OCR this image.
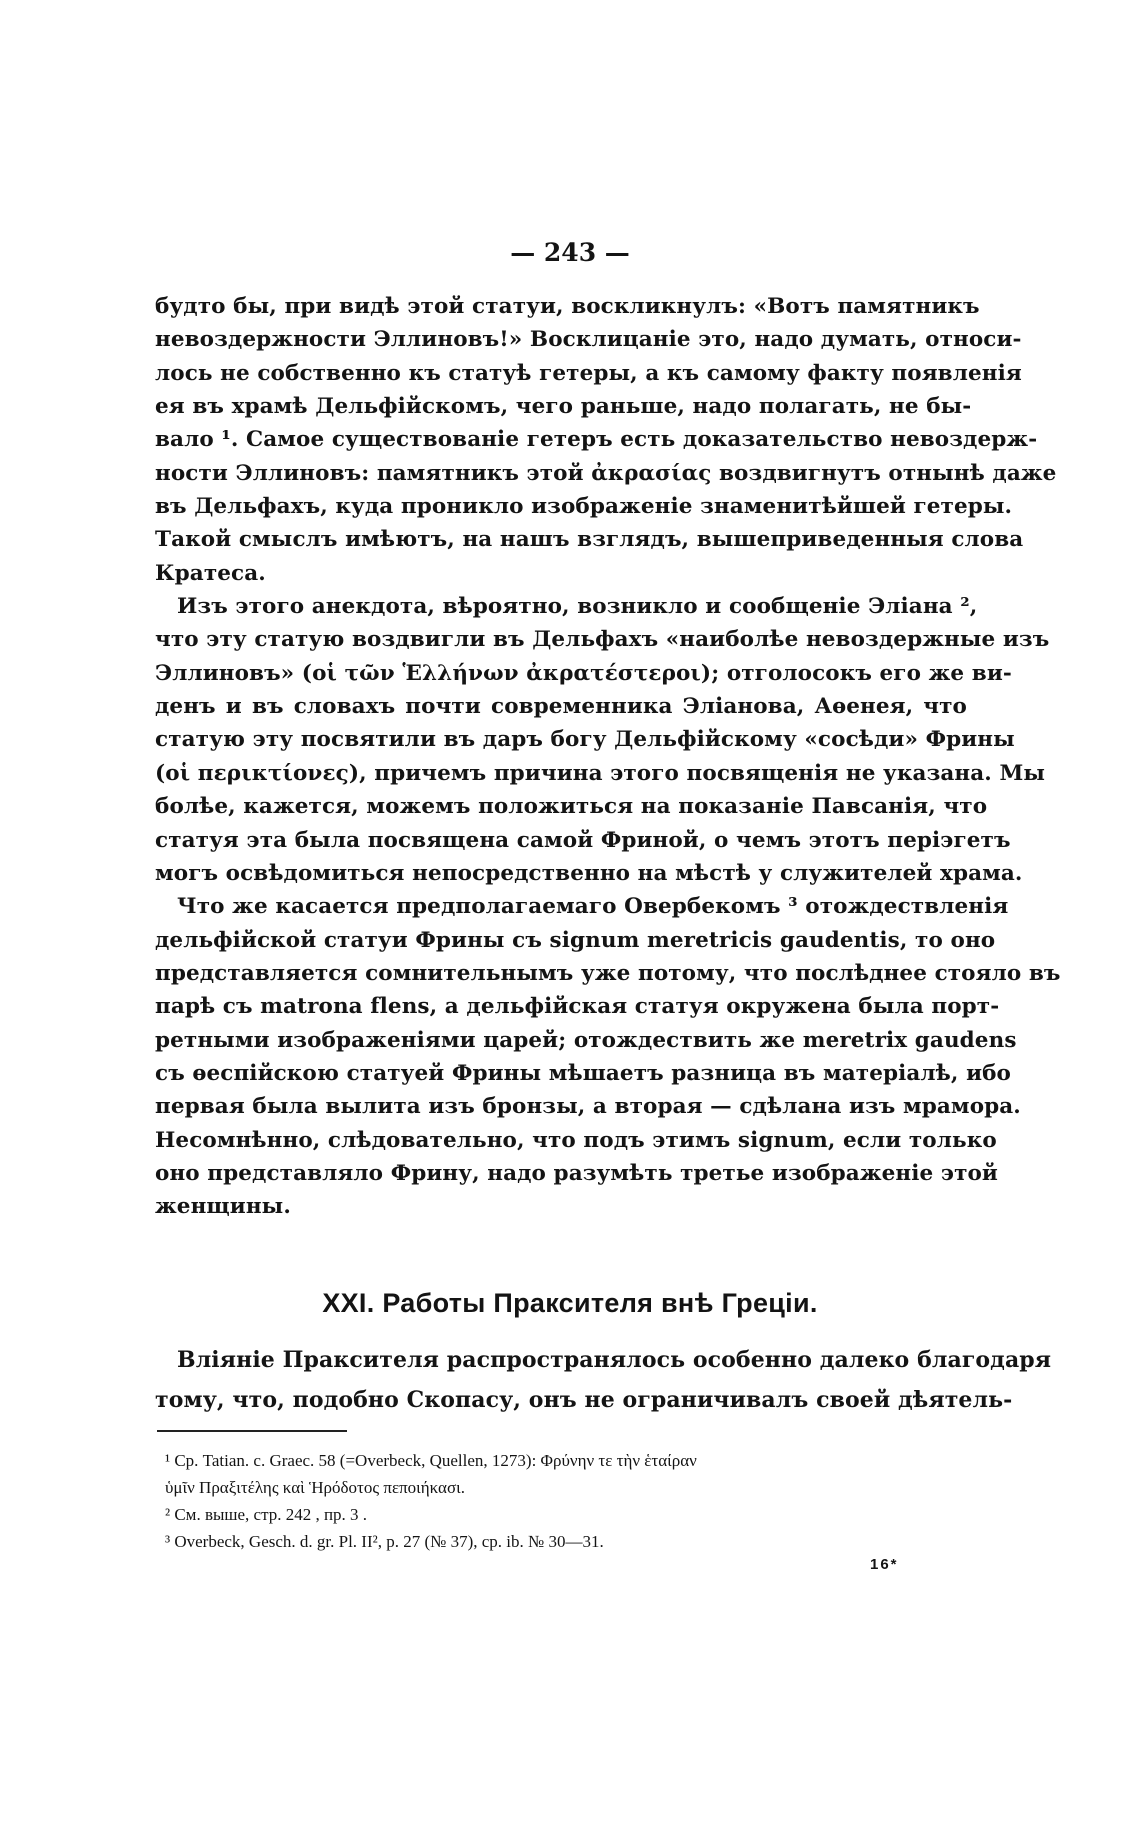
— 243 —
будто бы, при видѣ этой статуи, воскликнулъ: «Вотъ памятникъ
невоздержности Эллиновъ!» Восклицаніе это, надо думать, относи-
лось не собственно къ статуѣ гетеры, а къ самому факту появленія
ея въ храмѣ Дельфійскомъ, чего раньше, надо полагать, не бы-
вало ¹. Самое существованіе гетеръ есть доказательство невоздерж-
ности Эллиновъ: памятникъ этой ἀκρασίας воздвигнутъ отнынѣ даже
въ Дельфахъ, куда проникло изображеніе знаменитѣйшей гетеры.
Такой смыслъ имѣютъ, на нашъ взглядъ, вышеприведенныя слова
Кратеса.
Изъ этого анекдота, вѣроятно, возникло и сообщеніе Эліана ²,
что эту статую воздвигли въ Дельфахъ «наиболѣе невоздержные изъ
Эллиновъ» (οἱ τῶν Ἑλλήνων ἀκρατέστεροι); отголосокъ его же ви-
денъ и въ словахъ почти современника Эліанова, Аѳенея, что
статую эту посвятили въ даръ богу Дельфійскому «сосѣди» Фрины
(οἱ περικτίονες), причемъ причина этого посвященія не указана. Мы
болѣе, кажется, можемъ положиться на показаніе Павсанія, что
статуя эта была посвящена самой Фриной, о чемъ этотъ періэгетъ
могъ освѣдомиться непосредственно на мѣстѣ у служителей храма.
Что же касается предполагаемаго Овербекомъ ³ отождествленія
дельфійской статуи Фрины съ signum meretricis gaudentis, то оно
представляется сомнительнымъ уже потому, что послѣднее стояло въ
парѣ съ matrona flens, а дельфійская статуя окружена была порт-
ретными изображеніями царей; отождествить же meretrix gaudens
съ ѳеспійскою статуей Фрины мѣшаетъ разница въ матеріалѣ, ибо
первая была вылита изъ бронзы, а вторая — сдѣлана изъ мрамора.
Несомнѣнно, слѣдовательно, что подъ этимъ signum, если только
оно представляло Фрину, надо разумѣть третье изображеніе этой
женщины.
XXI. Работы Праксителя внѣ Греціи.
Вліяніе Праксителя распространялось особенно далеко благодаря
тому, что, подобно Скопасу, онъ не ограничивалъ своей дѣятель-
¹ Ср. Tatian. c. Graec. 58 (=Overbeck, Quellen, 1273): Φρύνην τε τὴν ἑταίραν
ὑμῖν Πραξιτέλης καὶ Ἡρόδοτος πεποιήκασι.
² См. выше, стр. 242 , пр. 3 .
³ Overbeck, Gesch. d. gr. Pl. II², p. 27 (№ 37), ср. ib. № 30—31.
16*
